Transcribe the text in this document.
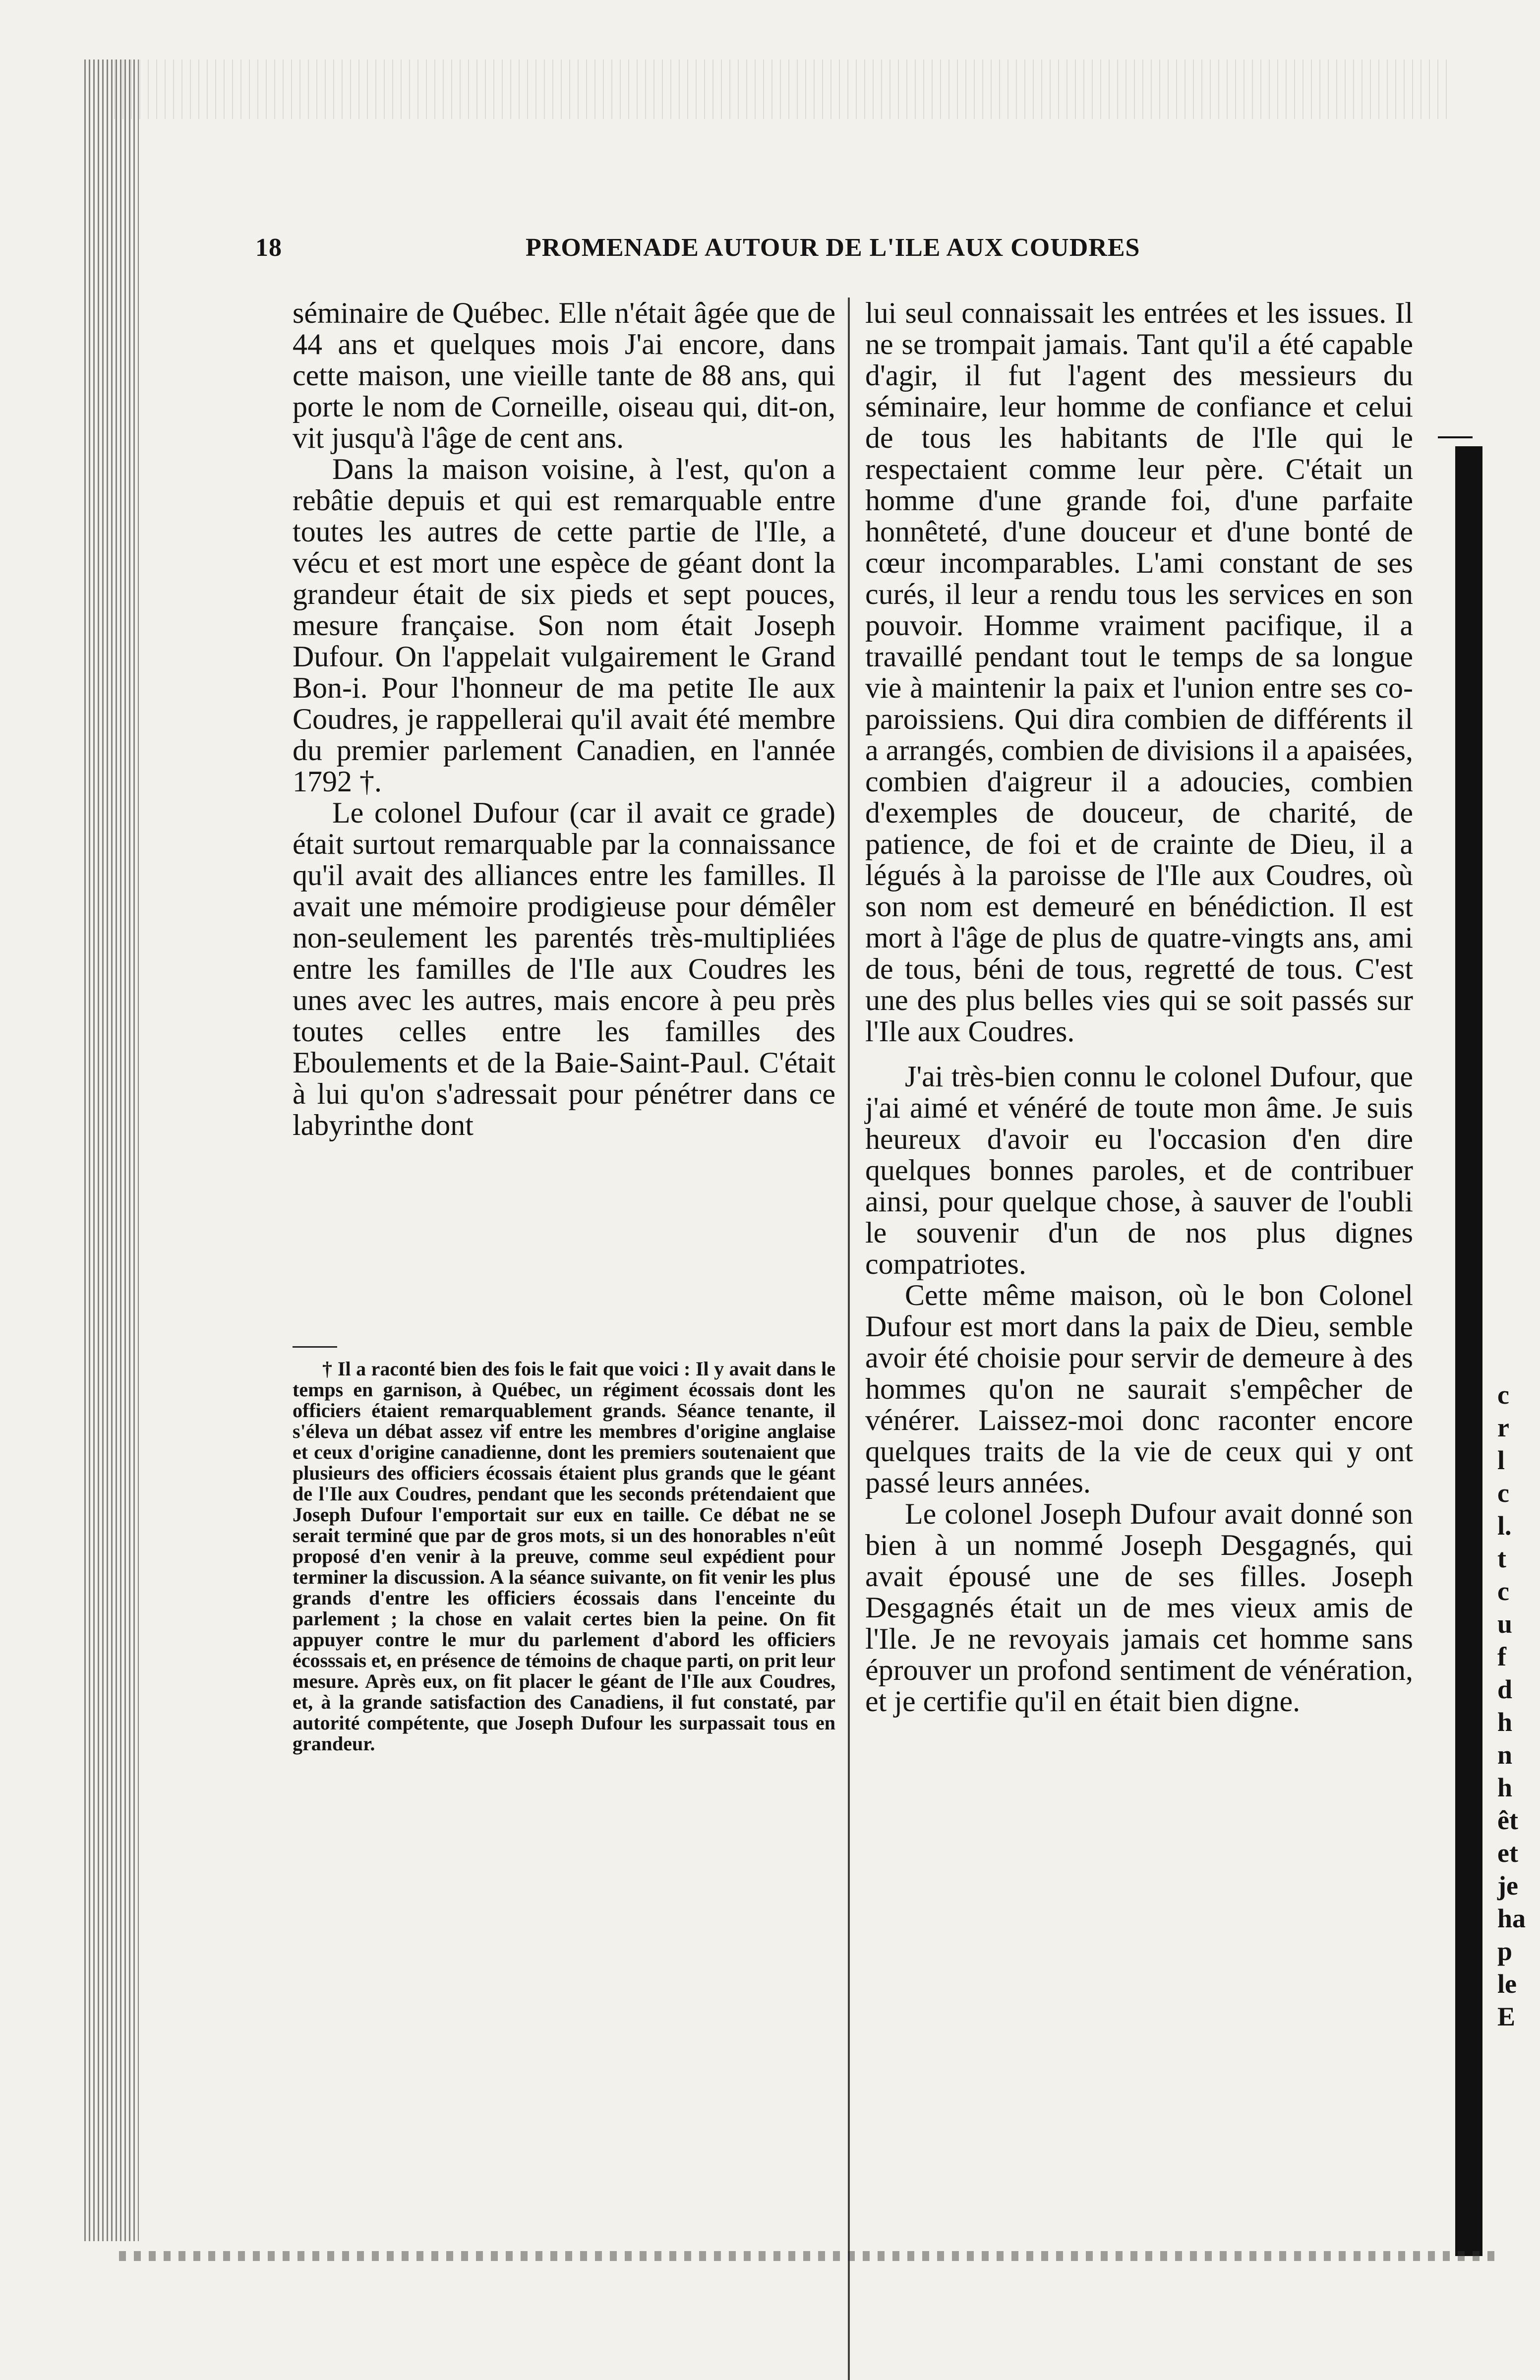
18	PROMENADE AUTOUR DE L'ILE AUX COUDRES

séminaire de Québec. Elle n'était âgée que de 44 ans et quelques mois J'ai encore, dans cette maison, une vieille tante de 88 ans, qui porte le nom de Corneille, oiseau qui, dit-on, vit jusqu'à l'âge de cent ans.

Dans la maison voisine, à l'est, qu'on a rebâtie depuis et qui est remarquable entre toutes les autres de cette partie de l'Ile, a vécu et est mort une espèce de géant dont la grandeur était de six pieds et sept pouces, mesure française. Son nom était Joseph Dufour. On l'appelait vulgairement le Grand Bon-i. Pour l'honneur de ma petite Ile aux Coudres, je rappellerai qu'il avait été membre du premier parlement Canadien, en l'année 1792 †.

Le colonel Dufour (car il avait ce grade) était surtout remarquable par la connaissance qu'il avait des alliances entre les familles. Il avait une mémoire prodigieuse pour démêler non-seulement les parentés très-multipliées entre les familles de l'Ile aux Coudres les unes avec les autres, mais encore à peu près toutes celles entre les familles des Eboulements et de la Baie-Saint-Paul. C'était à lui qu'on s'adressait pour pénétrer dans ce labyrinthe dont

† Il a raconté bien des fois le fait que voici : Il y avait dans le temps en garnison, à Québec, un régiment écossais dont les officiers étaient remarquablement grands. Séance tenante, il s'éleva un débat assez vif entre les membres d'origine anglaise et ceux d'origine canadienne, dont les premiers soutenaient que plusieurs des officiers écossais étaient plus grands que le géant de l'Ile aux Coudres, pendant que les seconds prétendaient que Joseph Dufour l'emportait sur eux en taille. Ce débat ne se serait terminé que par de gros mots, si un des honorables n'eût proposé d'en venir à la preuve, comme seul expédient pour terminer la discussion. A la séance suivante, on fit venir les plus grands d'entre les officiers écossais dans l'enceinte du parlement ; la chose en valait certes bien la peine. On fit appuyer contre le mur du parlement d'abord les officiers écosssais et, en présence de témoins de chaque parti, on prit leur mesure. Après eux, on fit placer le géant de l'Ile aux Coudres, et, à la grande satisfaction des Canadiens, il fut constaté, par autorité compétente, que Joseph Dufour les surpassait tous en grandeur.

lui seul connaissait les entrées et les issues. Il ne se trompait jamais. Tant qu'il a été capable d'agir, il fut l'agent des messieurs du séminaire, leur homme de confiance et celui de tous les habitants de l'Ile qui le respectaient comme leur père. C'était un homme d'une grande foi, d'une parfaite honnêteté, d'une douceur et d'une bonté de cœur incomparables. L'ami constant de ses curés, il leur a rendu tous les services en son pouvoir. Homme vraiment pacifique, il a travaillé pendant tout le temps de sa longue vie à maintenir la paix et l'union entre ses co-paroissiens. Qui dira combien de différents il a arrangés, combien de divisions il a apaisées, combien d'aigreur il a adoucies, combien d'exemples de douceur, de charité, de patience, de foi et de crainte de Dieu, il a légués à la paroisse de l'Ile aux Coudres, où son nom est demeuré en bénédiction. Il est mort à l'âge de plus de quatre-vingts ans, ami de tous, béni de tous, regretté de tous. C'est une des plus belles vies qui se soit passés sur l'Ile aux Coudres.

J'ai très-bien connu le colonel Dufour, que j'ai aimé et vénéré de toute mon âme. Je suis heureux d'avoir eu l'occasion d'en dire quelques bonnes paroles, et de contribuer ainsi, pour quelque chose, à sauver de l'oubli le souvenir d'un de nos plus dignes compatriotes.

Cette même maison, où le bon Colonel Dufour est mort dans la paix de Dieu, semble avoir été choisie pour servir de demeure à des hommes qu'on ne saurait s'empêcher de vénérer. Laissez-moi donc raconter encore quelques traits de la vie de ceux qui y ont passé leurs années.

Le colonel Joseph Dufour avait donné son bien à un nommé Joseph Desgagnés, qui avait épousé une de ses filles. Joseph Desgagnés était un de mes vieux amis de l'Ile. Je ne revoyais jamais cet homme sans éprouver un profond sentiment de vénération, et je certifie qu'il en était bien digne.

c
r
l
c
l.
t
c
u
f
d
h
n
h
êt
et
je
ha
p
le
E
